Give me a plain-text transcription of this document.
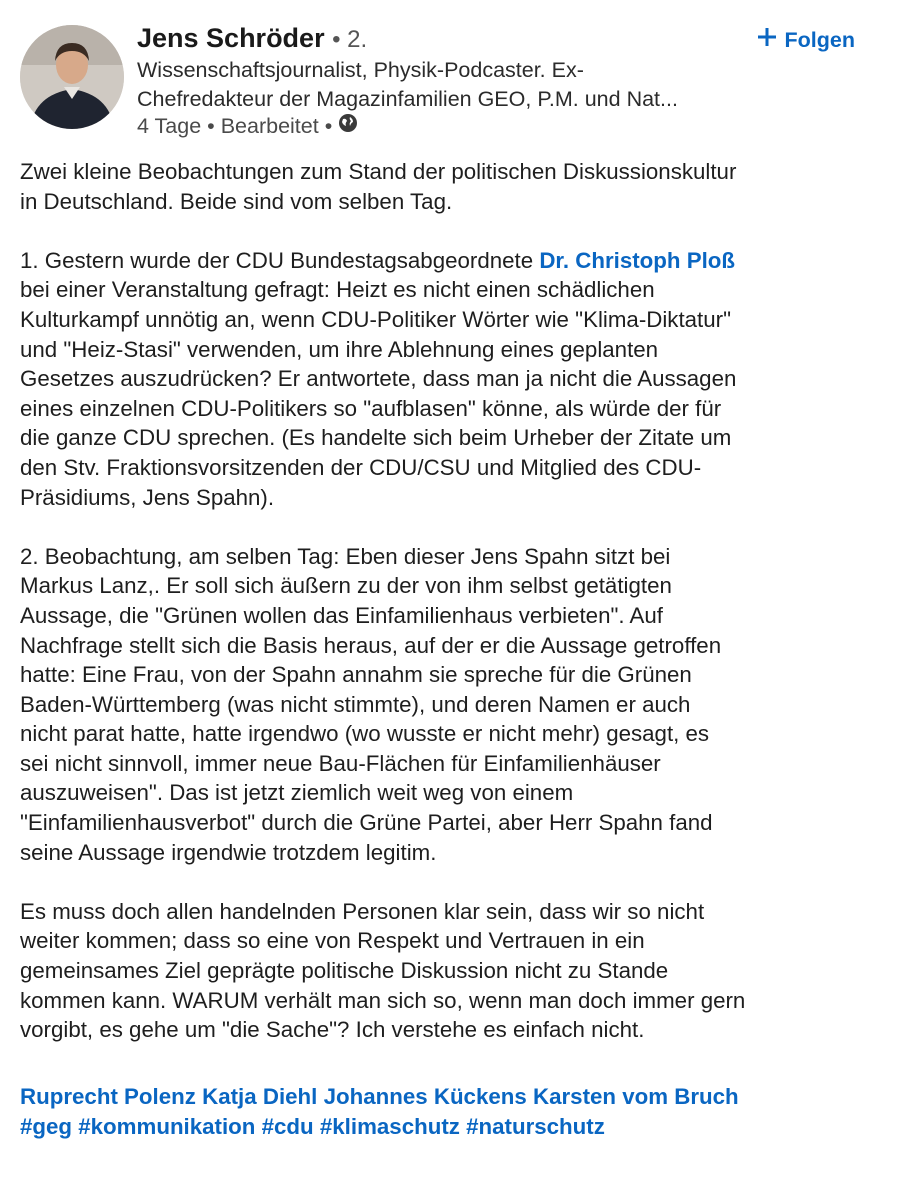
Jens Schröder • 2.
Wissenschaftsjournalist, Physik-Podcaster. Ex-
Chefredakteur der Magazinfamilien GEO, P.M. und Nat...
4 Tage • Bearbeitet •
Folgen

Zwei kleine Beobachtungen zum Stand der politischen Diskussionskultur

in Deutschland. Beide sind vom selben Tag.

1. Gestern wurde der CDU Bundestagsabgeordnete Dr. Christoph Ploß

bei einer Veranstaltung gefragt: Heizt es nicht einen schädlichen

Kulturkampf unnötig an, wenn CDU-Politiker Wörter wie "Klima-Diktatur"

und "Heiz-Stasi" verwenden, um ihre Ablehnung eines geplanten

Gesetzes auszudrücken? Er antwortete, dass man ja nicht die Aussagen

eines einzelnen CDU-Politikers so "aufblasen" könne, als würde der für

die ganze CDU sprechen. (Es handelte sich beim Urheber der Zitate um

den Stv. Fraktionsvorsitzenden der CDU/CSU und Mitglied des CDU-

Präsidiums, Jens Spahn).

2. Beobachtung, am selben Tag: Eben dieser Jens Spahn sitzt bei

Markus Lanz,. Er soll sich äußern zu der von ihm selbst getätigten

Aussage, die "Grünen wollen das Einfamilienhaus verbieten". Auf

Nachfrage stellt sich die Basis heraus, auf der er die Aussage getroffen

hatte: Eine Frau, von der Spahn annahm sie spreche für die Grünen

Baden-Württemberg (was nicht stimmte), und deren Namen er auch

nicht parat hatte, hatte irgendwo (wo wusste er nicht mehr) gesagt, es

sei nicht sinnvoll, immer neue Bau-Flächen für Einfamilienhäuser

auszuweisen". Das ist jetzt ziemlich weit weg von einem

"Einfamilienhausverbot" durch die Grüne Partei, aber Herr Spahn fand

seine Aussage irgendwie trotzdem legitim.

Es muss doch allen handelnden Personen klar sein, dass wir so nicht

weiter kommen; dass so eine von Respekt und Vertrauen in ein

gemeinsames Ziel geprägte politische Diskussion nicht zu Stande

kommen kann. WARUM verhält man sich so, wenn man doch immer gern

vorgibt, es gehe um "die Sache"? Ich verstehe es einfach nicht.

Ruprecht Polenz Katja Diehl Johannes Kückens Karsten vom Bruch
#geg #kommunikation #cdu #klimaschutz #naturschutz
